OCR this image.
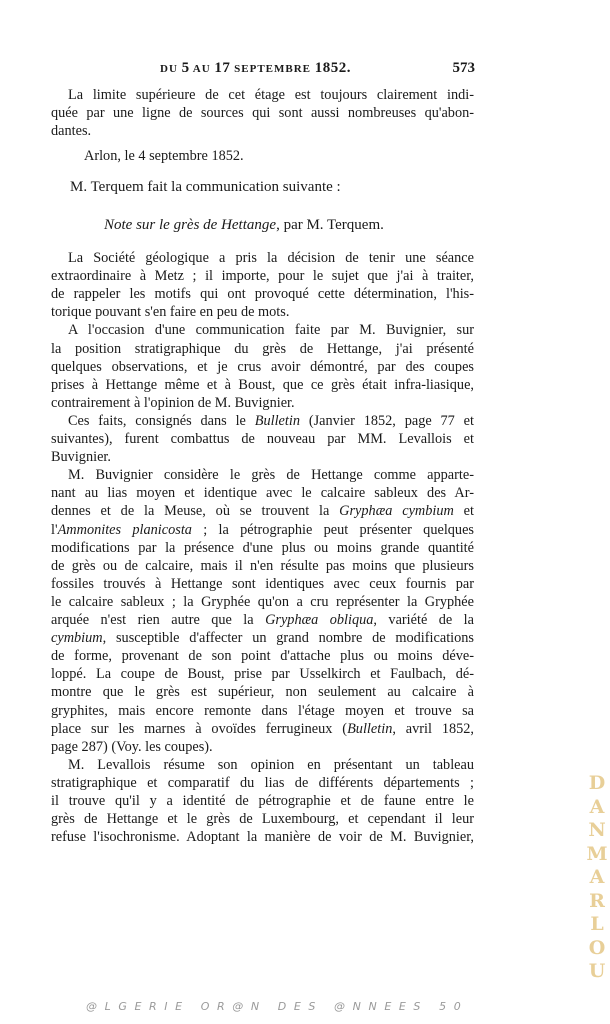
DU 5 AU 17 SEPTEMBRE 1852.	573
La limite supérieure de cet étage est toujours clairement indi-
quée par une ligne de sources qui sont aussi nombreuses qu'abon-
dantes.
Arlon, le 4 septembre 1852.
M. Terquem fait la communication suivante :
Note sur le grès de Hettange, par M. Terquem.
La Société géologique a pris la décision de tenir une séance
extraordinaire à Metz ; il importe, pour le sujet que j'ai à traiter,
de rappeler les motifs qui ont provoqué cette détermination, l'his-
torique pouvant s'en faire en peu de mots.
A l'occasion d'une communication faite par M. Buvignier, sur
la position stratigraphique du grès de Hettange, j'ai présenté
quelques observations, et je crus avoir démontré, par des coupes
prises à Hettange même et à Boust, que ce grès était infra-liasique,
contrairement à l'opinion de M. Buvignier.
Ces faits, consignés dans le Bulletin (Janvier 1852, page 77 et
suivantes), furent combattus de nouveau par MM. Levallois et
Buvignier.
M. Buvignier considère le grès de Hettange comme apparte-
nant au lias moyen et identique avec le calcaire sableux des Ar-
dennes et de la Meuse, où se trouvent la Gryphæa cymbium et
l'Ammonites planicosta ; la pétrographie peut présenter quelques
modifications par la présence d'une plus ou moins grande quantité
de grès ou de calcaire, mais il n'en résulte pas moins que plusieurs
fossiles trouvés à Hettange sont identiques avec ceux fournis par
le calcaire sableux ; la Gryphée qu'on a cru représenter la Gryphée
arquée n'est rien autre que la Gryphæa obliqua, variété de la
cymbium, susceptible d'affecter un grand nombre de modifications
de forme, provenant de son point d'attache plus ou moins déve-
loppé. La coupe de Boust, prise par Usselkirch et Faulbach, dé-
montre que le grès est supérieur, non seulement au calcaire à
gryphites, mais encore remonte dans l'étage moyen et trouve sa
place sur les marnes à ovoïdes ferrugineux (Bulletin, avril 1852,
page 287) (Voy. les coupes).
M. Levallois résume son opinion en présentant un tableau
stratigraphique et comparatif du lias de différents départements ;
il trouve qu'il y a identité de pétrographie et de faune entre le
grès de Hettange et le grès de Luxembourg, et cependant il leur
refuse l'isochronisme. Adoptant la manière de voir de M. Buvignier,
D
A
N
M
A
R
L
O
U
@LGERIE OR@N DES @NNEES 50
